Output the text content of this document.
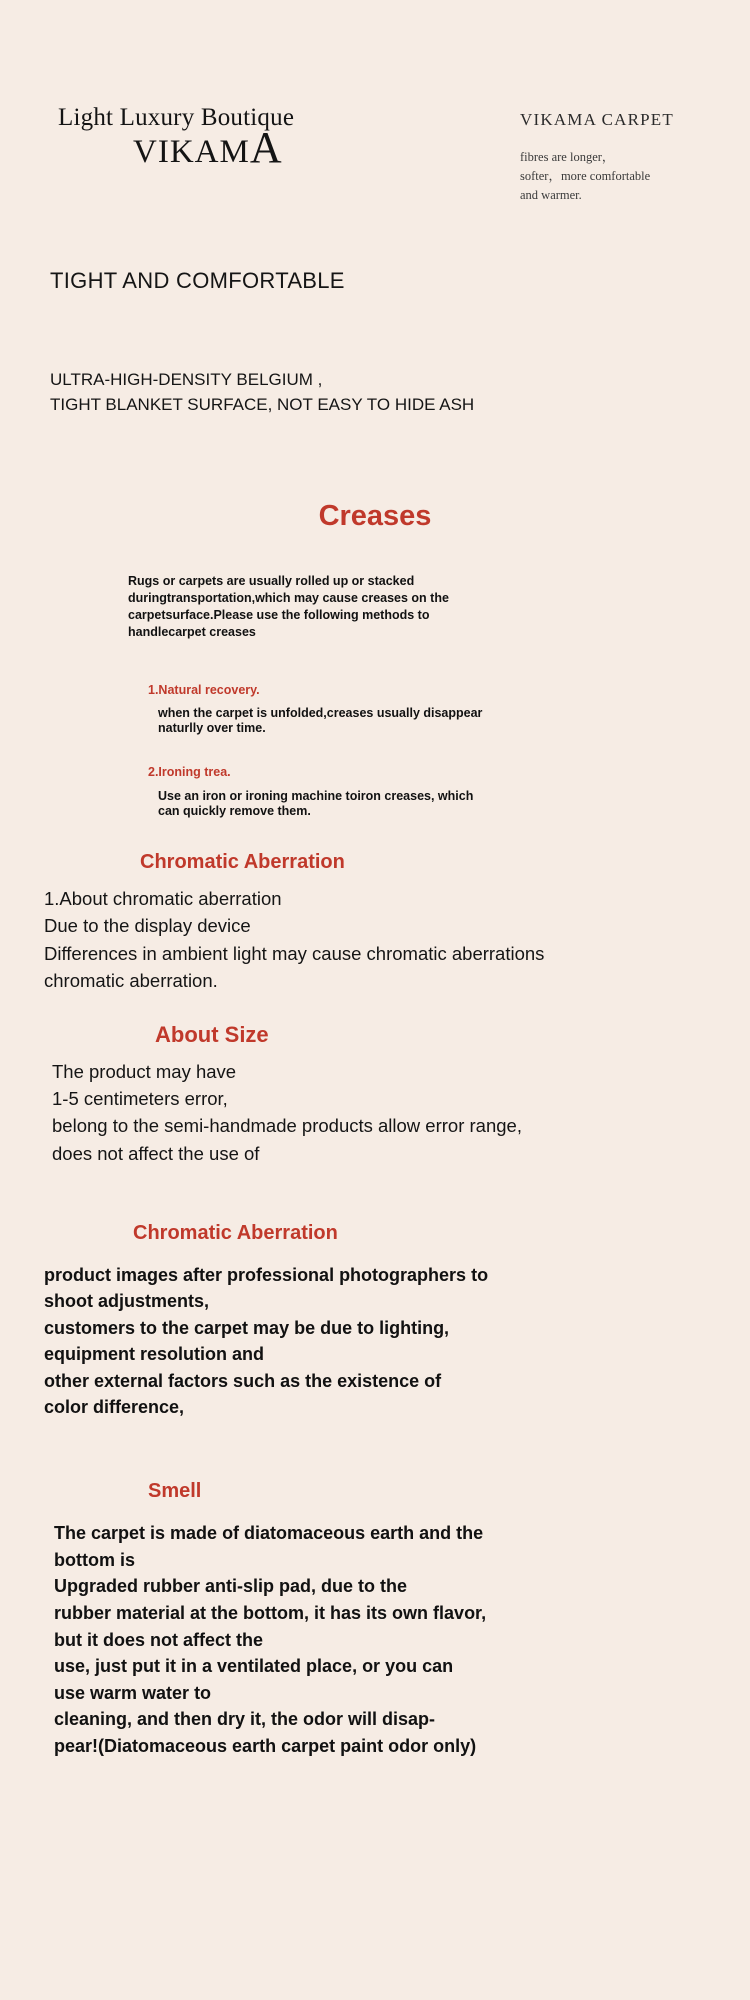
Light Luxury Boutique
VIKAMA
VIKAMA CARPET
fibres are longer，
softer，more comfortable
and warmer.
TIGHT AND COMFORTABLE
ULTRA-HIGH-DENSITY BELGIUM ,
TIGHT BLANKET SURFACE, NOT EASY TO HIDE ASH
Creases
Rugs or carpets are usually rolled up or stacked
duringtransportation,which may cause creases on the
carpetsurface.Please use the following methods to
handlecarpet creases
1.Natural recovery.
when the carpet is unfolded,creases usually disappear
naturlly over time.
2.Ironing trea.
Use an iron or ironing machine toiron creases, which
can quickly remove them.
Chromatic Aberration
1.About chromatic aberration
Due to the display device
Differences in ambient light may cause chromatic aberrations
chromatic aberration.
About Size
The product may have
1-5 centimeters error,
belong to the semi-handmade products allow error range,
does not affect the use of
Chromatic Aberration
product images after professional photographers to
shoot adjustments,
customers to the carpet may be due to lighting,
equipment resolution and
other external factors such as the existence of
color difference,
Smell
The carpet is made of diatomaceous earth and the
bottom is
Upgraded rubber anti-slip pad, due to the
rubber material at the bottom, it has its own flavor,
but it does not affect the
use, just put it in a ventilated place, or you can
use warm water to
cleaning, and then dry it, the odor will disap-
pear!(Diatomaceous earth carpet paint odor only)
